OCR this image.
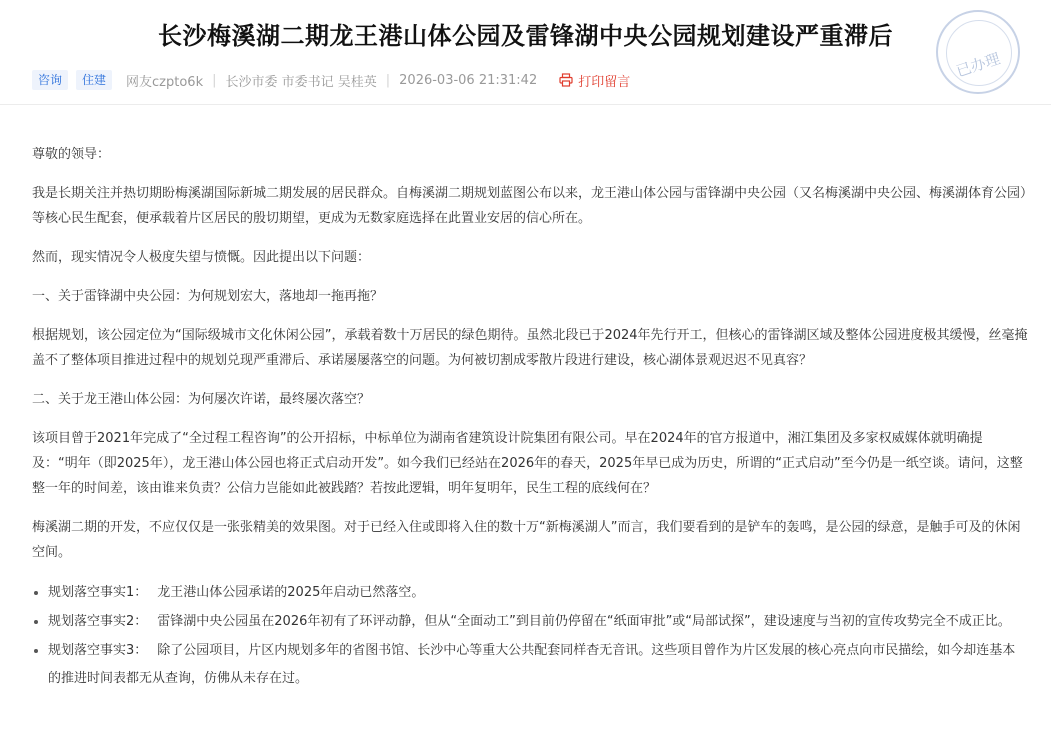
长沙梅溪湖二期龙王港山体公园及雷锋湖中央公园规划建设严重滞后
已办理
咨询	住建	网友czpto6k | 长沙市委 市委书记 吴桂英 | 2026-03-06 21:31:42	打印留言

尊敬的领导：

我是长期关注并热切期盼梅溪湖国际新城二期发展的居民群众。自梅溪湖二期规划蓝图公布以来，龙王港山体公园与雷锋湖中央公园（又名梅溪湖中央公园、梅溪湖体育公园）等核心民生配套，便承载着片区居民的殷切期望，更成为无数家庭选择在此置业安居的信心所在。

然而，现实情况令人极度失望与愤慨。因此提出以下问题：

一、关于雷锋湖中央公园：为何规划宏大，落地却一拖再拖？

根据规划，该公园定位为“国际级城市文化休闲公园”，承载着数十万居民的绿色期待。虽然北段已于2024年先行开工，但核心的雷锋湖区域及整体公园进度极其缓慢，丝毫掩盖不了整体项目推进过程中的规划兑现严重滞后、承诺屡屡落空的问题。为何被切割成零散片段进行建设，核心湖体景观迟迟不见真容？

二、关于龙王港山体公园：为何屡次许诺，最终屡次落空？

该项目曾于2021年完成了“全过程工程咨询”的公开招标，中标单位为湖南省建筑设计院集团有限公司。早在2024年的官方报道中，湘江集团及多家权威媒体就明确提及：“明年（即2025年），龙王港山体公园也将正式启动开发”。如今我们已经站在2026年的春天，2025年早已成为历史，所谓的“正式启动”至今仍是一纸空谈。请问，这整整一年的时间差，该由谁来负责？公信力岂能如此被践踏？若按此逻辑，明年复明年，民生工程的底线何在？

梅溪湖二期的开发，不应仅仅是一张张精美的效果图。对于已经入住或即将入住的数十万“新梅溪湖人”而言，我们要看到的是铲车的轰鸣，是公园的绿意，是触手可及的休闲空间。

• 规划落空事实1： 龙王港山体公园承诺的2025年启动已然落空。
• 规划落空事实2： 雷锋湖中央公园虽在2026年初有了环评动静，但从“全面动工”到目前仍停留在“纸面审批”或“局部试探”，建设速度与当初的宣传攻势完全不成正比。
• 规划落空事实3： 除了公园项目，片区内规划多年的省图书馆、长沙中心等重大公共配套同样杳无音讯。这些项目曾作为片区发展的核心亮点向市民描绘，如今却连基本的推进时间表都无从查询，仿佛从未存在过。
